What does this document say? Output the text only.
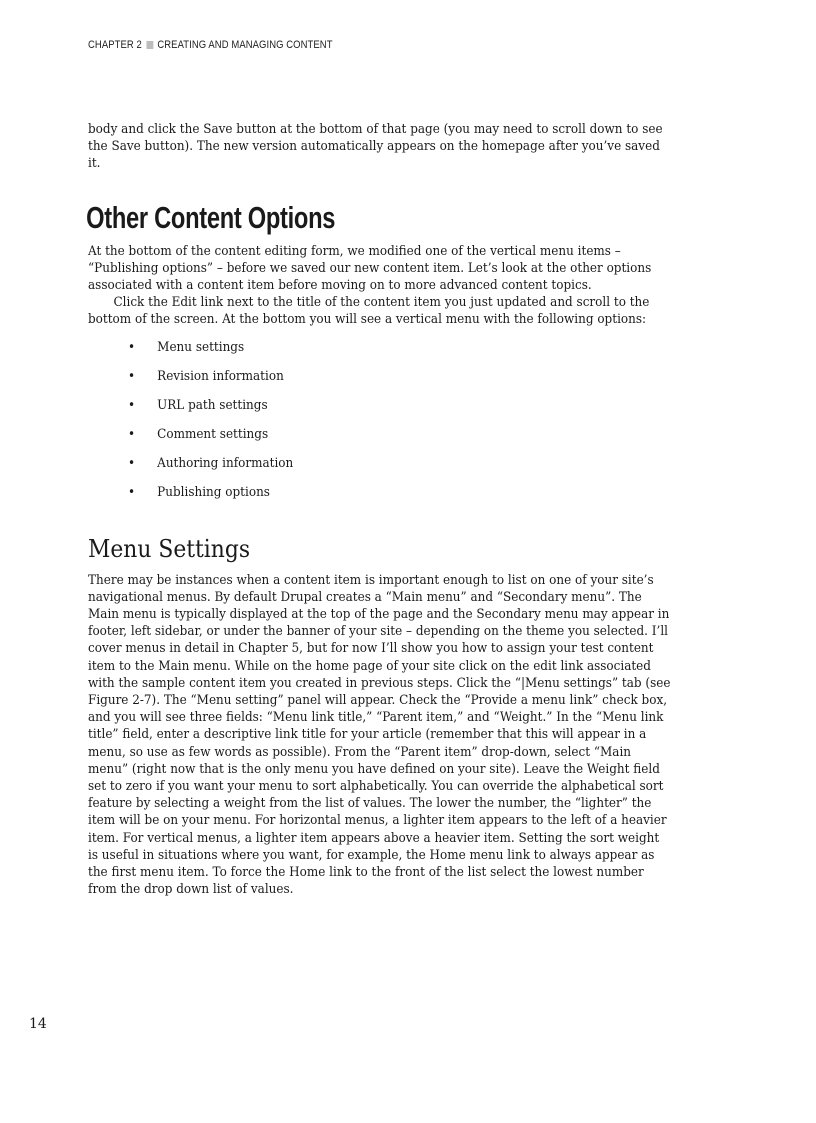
CHAPTER 2 CREATING AND MANAGING CONTENT

body and click the Save button at the bottom of that page (you may need to scroll down to see the Save button). The new version automatically appears on the homepage after you’ve saved it.

Other Content Options

At the bottom of the content editing form, we modified one of the vertical menu items – “Publishing options” – before we saved our new content item. Let’s look at the other options associated with a content item before moving on to more advanced content topics.

Click the Edit link next to the title of the content item you just updated and scroll to the bottom of the screen. At the bottom you will see a vertical menu with the following options:

• Menu settings
• Revision information
• URL path settings
• Comment settings
• Authoring information
• Publishing options
Menu Settings

There may be instances when a content item is important enough to list on one of your site’s navigational menus. By default Drupal creates a “Main menu” and “Secondary menu”. The Main menu is typically displayed at the top of the page and the Secondary menu may appear in footer, left sidebar, or under the banner of your site – depending on the theme you selected. I’ll cover menus in detail in Chapter 5, but for now I’ll show you how to assign your test content item to the Main menu. While on the home page of your site click on the edit link associated with the sample content item you created in previous steps. Click the “|Menu settings” tab (see Figure 2-7). The “Menu setting” panel will appear. Check the “Provide a menu link” check box, and you will see three fields: “Menu link title,” “Parent item,” and “Weight.” In the “Menu link title” field, enter a descriptive link title for your article (remember that this will appear in a menu, so use as few words as possible). From the “Parent item” drop-down, select “Main menu” (right now that is the only menu you have defined on your site). Leave the Weight field set to zero if you want your menu to sort alphabetically. You can override the alphabetical sort feature by selecting a weight from the list of values. The lower the number, the “lighter” the item will be on your menu. For horizontal menus, a lighter item appears to the left of a heavier item. For vertical menus, a lighter item appears above a heavier item. Setting the sort weight is useful in situations where you want, for example, the Home menu link to always appear as the first menu item. To force the Home link to the front of the list select the lowest number from the drop down list of values.

14
